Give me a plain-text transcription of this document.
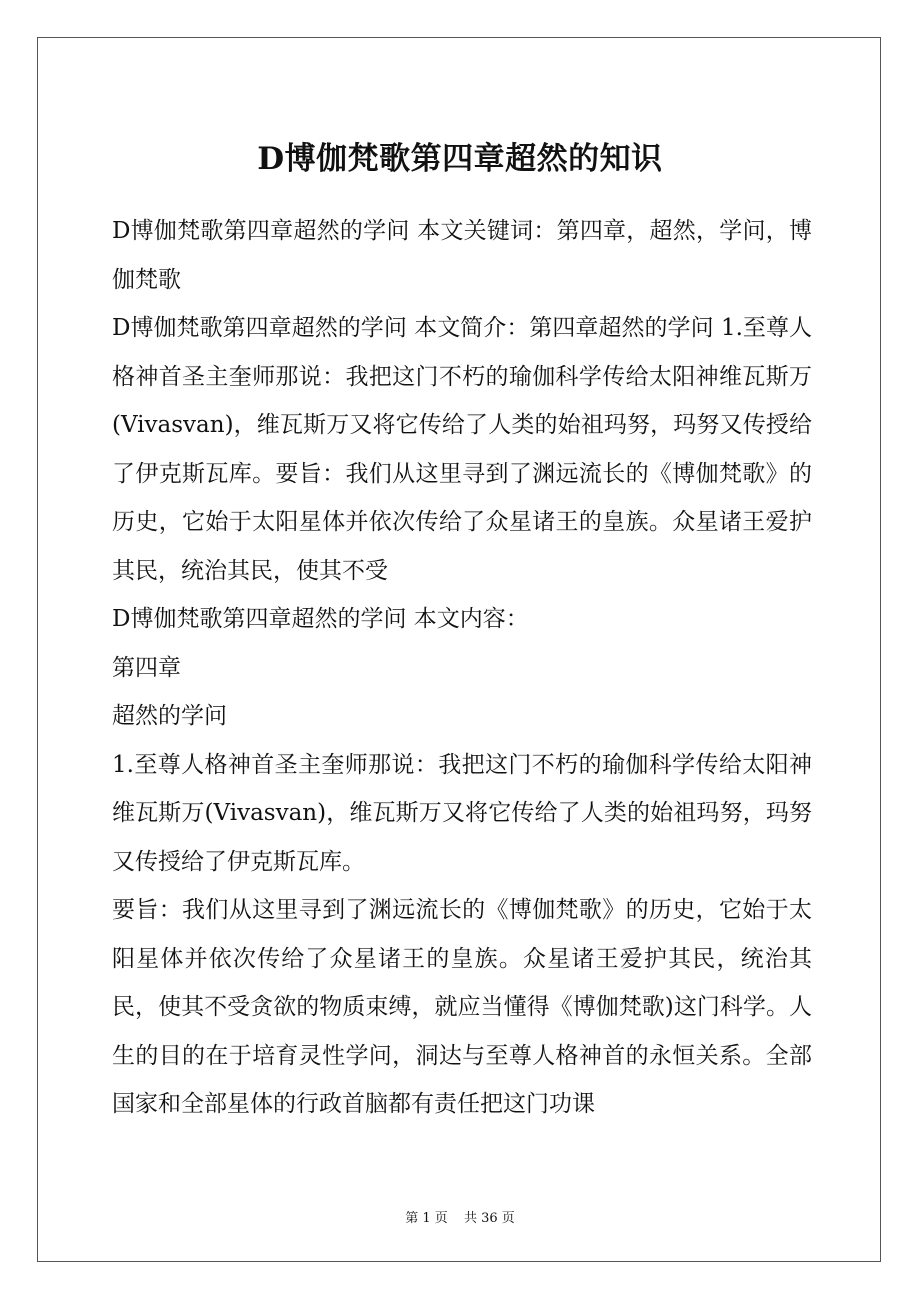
D博伽梵歌第四章超然的知识

D博伽梵歌第四章超然的学问 本文关键词：第四章，超然，学问，博伽梵歌

D博伽梵歌第四章超然的学问 本文简介：第四章超然的学问 1.至尊人格神首圣主奎师那说：我把这门不朽的瑜伽科学传给太阳神维瓦斯万(Vivasvan)，维瓦斯万又将它传给了人类的始祖玛努，玛努又传授给了伊克斯瓦库。要旨：我们从这里寻到了渊远流长的《博伽梵歌》的历史，它始于太阳星体并依次传给了众星诸王的皇族。众星诸王爱护其民，统治其民，使其不受

D博伽梵歌第四章超然的学问 本文内容：

第四章

超然的学问

1.至尊人格神首圣主奎师那说：我把这门不朽的瑜伽科学传给太阳神维瓦斯万(Vivasvan)，维瓦斯万又将它传给了人类的始祖玛努，玛努又传授给了伊克斯瓦库。

要旨：我们从这里寻到了渊远流长的《博伽梵歌》的历史，它始于太阳星体并依次传给了众星诸王的皇族。众星诸王爱护其民，统治其民，使其不受贪欲的物质束缚，就应当懂得《博伽梵歌)这门科学。人生的目的在于培育灵性学问，洞达与至尊人格神首的永恒关系。全部国家和全部星体的行政首脑都有责任把这门功课

第 1 页 共 36 页
